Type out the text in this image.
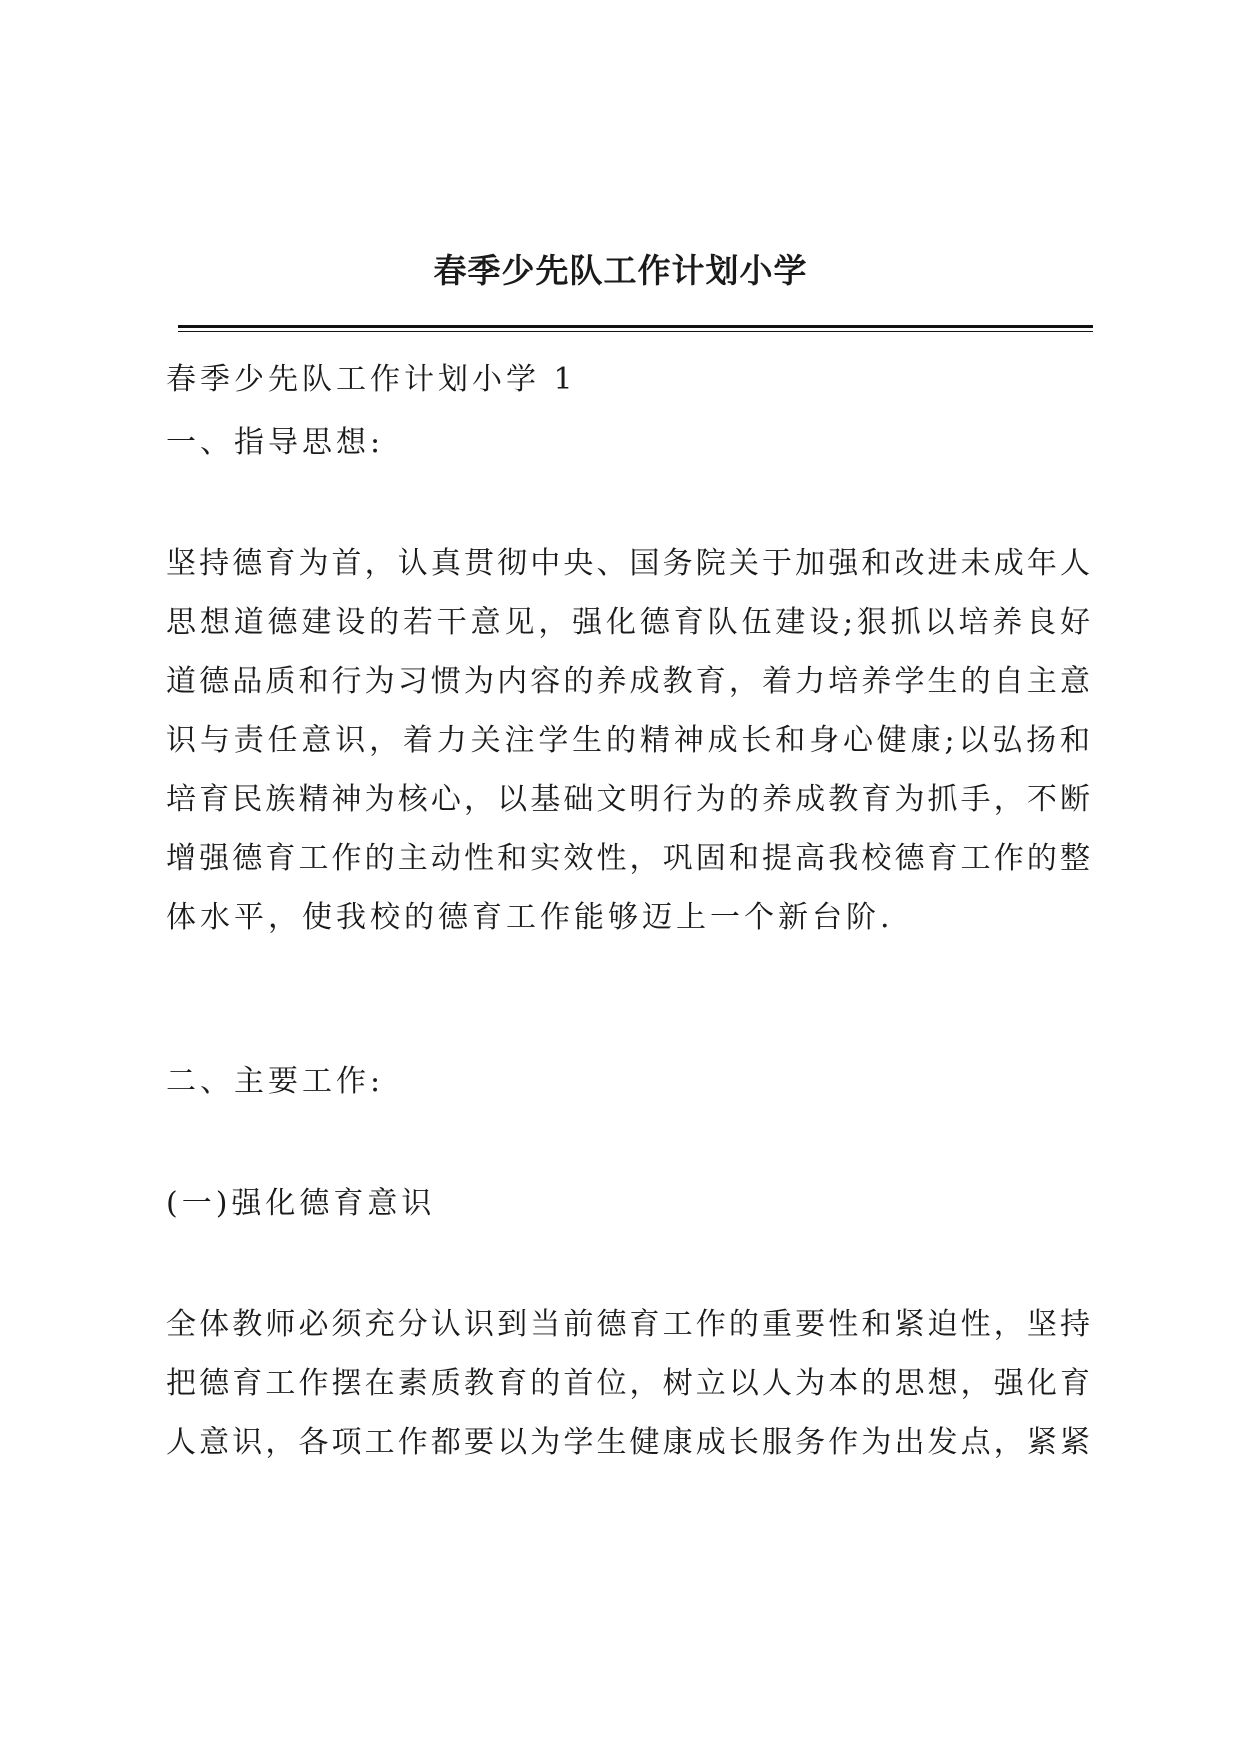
春季少先队工作计划小学
春季少先队工作计划小学 1
一、指导思想:
坚持德育为首，认真贯彻中央、国务院关于加强和改进未成年人
思想道德建设的若干意见，强化德育队伍建设;狠抓以培养良好
道德品质和行为习惯为内容的养成教育，着力培养学生的自主意
识与责任意识，着力关注学生的精神成长和身心健康;以弘扬和
培育民族精神为核心，以基础文明行为的养成教育为抓手，不断
增强德育工作的主动性和实效性，巩固和提高我校德育工作的整
体水平，使我校的德育工作能够迈上一个新台阶.
二、主要工作:
(一)强化德育意识
全体教师必须充分认识到当前德育工作的重要性和紧迫性，坚持
把德育工作摆在素质教育的首位，树立以人为本的思想，强化育
人意识，各项工作都要以为学生健康成长服务作为出发点，紧紧
